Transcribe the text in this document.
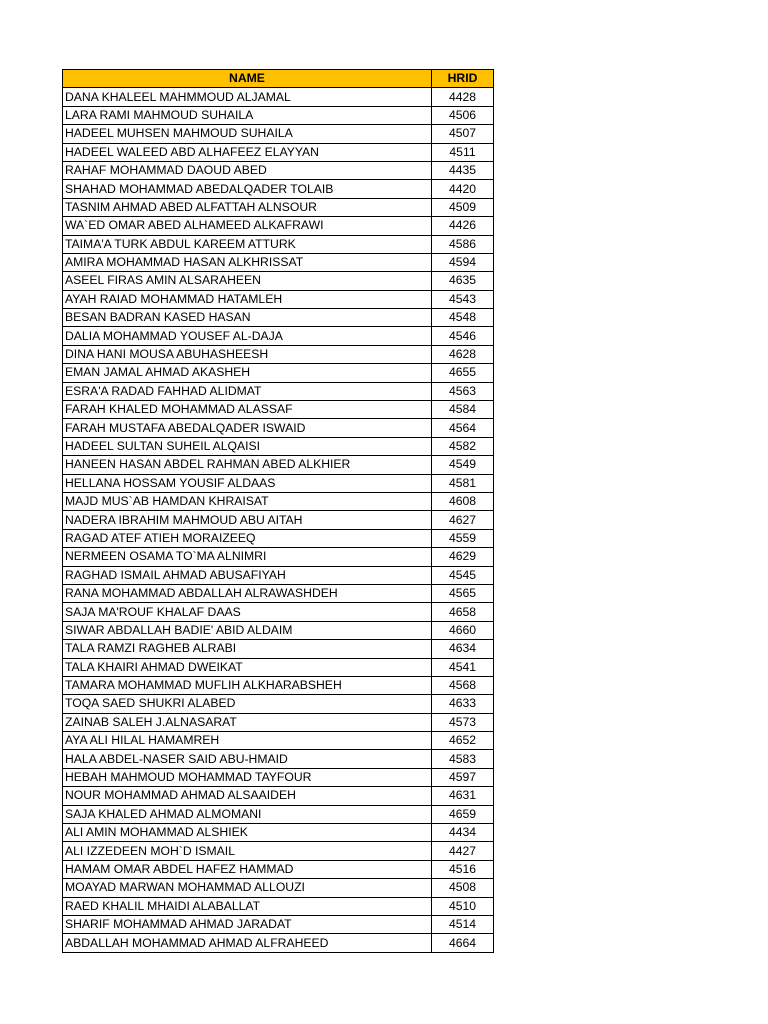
NAME	HRID
DANA KHALEEL MAHMMOUD ALJAMAL	4428
LARA RAMI MAHMOUD SUHAILA	4506
HADEEL MUHSEN MAHMOUD SUHAILA	4507
HADEEL WALEED ABD ALHAFEEZ ELAYYAN	4511
RAHAF MOHAMMAD DAOUD ABED	4435
SHAHAD MOHAMMAD ABEDALQADER TOLAIB	4420
TASNIM AHMAD ABED ALFATTAH ALNSOUR	4509
WA`ED OMAR ABED ALHAMEED ALKAFRAWI	4426
TAIMA'A TURK ABDUL KAREEM ATTURK	4586
AMIRA MOHAMMAD HASAN ALKHRISSAT	4594
ASEEL FIRAS AMIN ALSARAHEEN	4635
AYAH RAIAD MOHAMMAD HATAMLEH	4543
BESAN BADRAN KASED HASAN	4548
DALIA MOHAMMAD YOUSEF AL-DAJA	4546
DINA HANI MOUSA ABUHASHEESH	4628
EMAN JAMAL AHMAD AKASHEH	4655
ESRA'A RADAD FAHHAD ALIDMAT	4563
FARAH KHALED MOHAMMAD ALASSAF	4584
FARAH MUSTAFA ABEDALQADER ISWAID	4564
HADEEL SULTAN SUHEIL ALQAISI	4582
HANEEN HASAN ABDEL RAHMAN ABED ALKHIER	4549
HELLANA HOSSAM YOUSIF ALDAAS	4581
MAJD MUS`AB HAMDAN KHRAISAT	4608
NADERA IBRAHIM MAHMOUD ABU AITAH	4627
RAGAD ATEF ATIEH MORAIZEEQ	4559
NERMEEN OSAMA TO`MA ALNIMRI	4629
RAGHAD ISMAIL AHMAD ABUSAFIYAH	4545
RANA MOHAMMAD ABDALLAH ALRAWASHDEH	4565
SAJA MA'ROUF KHALAF DAAS	4658
SIWAR ABDALLAH BADIE' ABID ALDAIM	4660
TALA RAMZI RAGHEB ALRABI	4634
TALA KHAIRI AHMAD DWEIKAT	4541
TAMARA MOHAMMAD MUFLIH ALKHARABSHEH	4568
TOQA SAED SHUKRI ALABED	4633
ZAINAB SALEH J.ALNASARAT	4573
AYA ALI HILAL HAMAMREH	4652
HALA ABDEL-NASER SAID ABU-HMAID	4583
HEBAH MAHMOUD MOHAMMAD TAYFOUR	4597
NOUR MOHAMMAD AHMAD ALSAAIDEH	4631
SAJA KHALED AHMAD ALMOMANI	4659
ALI AMIN MOHAMMAD ALSHIEK	4434
ALI IZZEDEEN MOH`D ISMAIL	4427
HAMAM OMAR ABDEL HAFEZ HAMMAD	4516
MOAYAD MARWAN MOHAMMAD ALLOUZI	4508
RAED KHALIL MHAIDI ALABALLAT	4510
SHARIF MOHAMMAD AHMAD JARADAT	4514
ABDALLAH MOHAMMAD AHMAD ALFRAHEED	4664
